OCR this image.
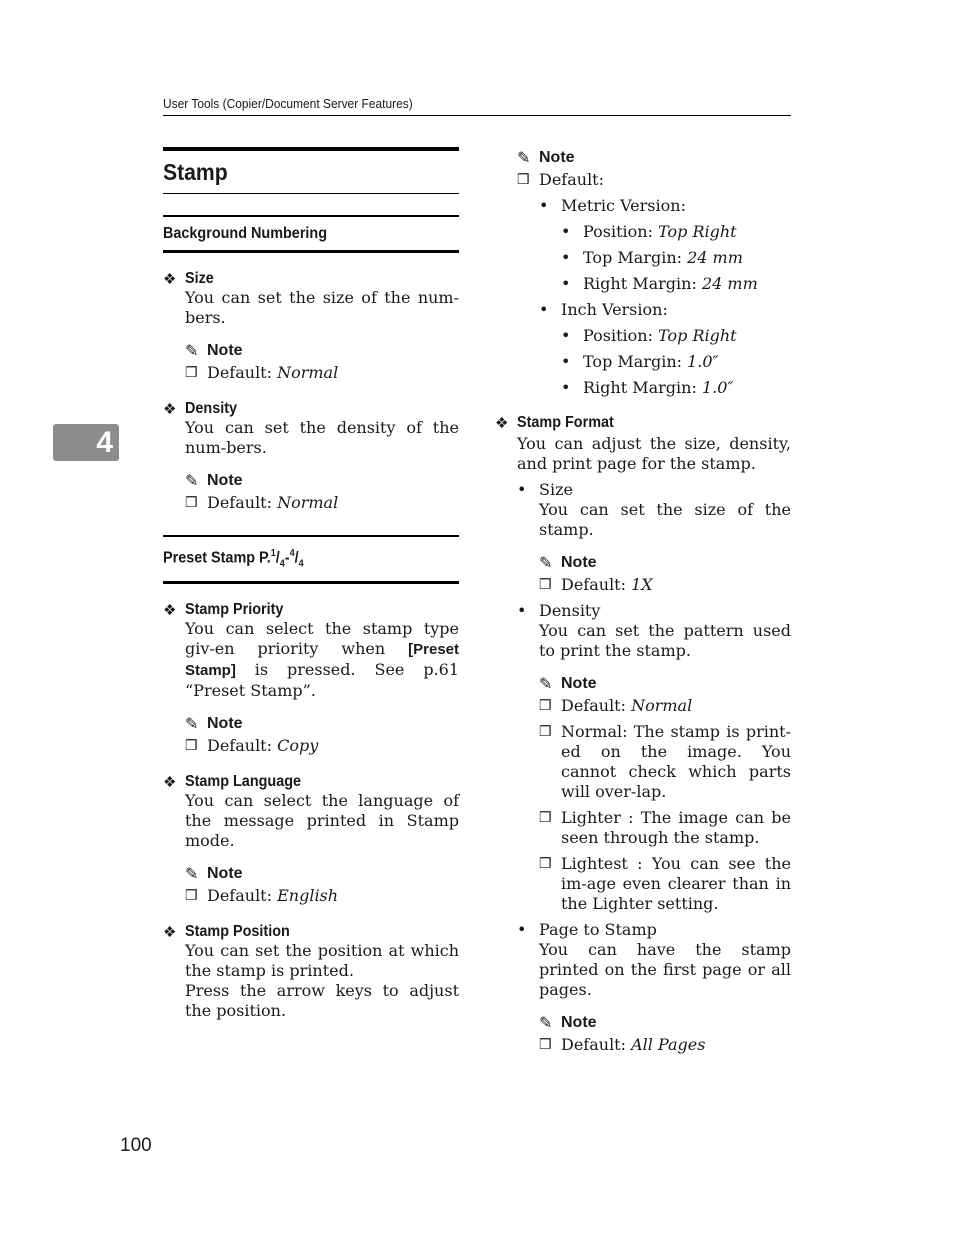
User Tools (Copier/Document Server Features)
4
100
Stamp
Background Numbering
❖ Size
You can set the size of the num-bers.
✎ Note
❒ Default: Normal
❖ Density
You can set the density of the num-bers.
✎ Note
❒ Default: Normal
Preset Stamp $P.^1/_4-^4/_4$
❖ Stamp Priority
You can select the stamp type giv-en priority when [Preset Stamp] is pressed. See p.61 “Preset Stamp”.
✎ Note
❒ Default: Copy
❖ Stamp Language
You can select the language of the message printed in Stamp mode.
✎ Note
❒ Default: English
❖ Stamp Position
You can set the position at which the stamp is printed.
Press the arrow keys to adjust the position.
✎ Note
❒ Default:
• Metric Version:
• Position: Top Right
• Top Margin: 24 mm
• Right Margin: 24 mm
• Inch Version:
• Position: Top Right
• Top Margin: 1.0″
• Right Margin: 1.0″
❖ Stamp Format
You can adjust the size, density, and print page for the stamp.
• Size
You can set the size of the stamp.
✎ Note
❒ Default: 1X
• Density
You can set the pattern used to print the stamp.
✎ Note
❒ Default: Normal
❒ Normal: The stamp is print-ed on the image. You cannot check which parts will over-lap.
❒ Lighter : The image can be seen through the stamp.
❒ Lightest : You can see the im-age even clearer than in the Lighter setting.
• Page to Stamp
You can have the stamp printed on the first page or all pages.
✎ Note
❒ Default: All Pages
